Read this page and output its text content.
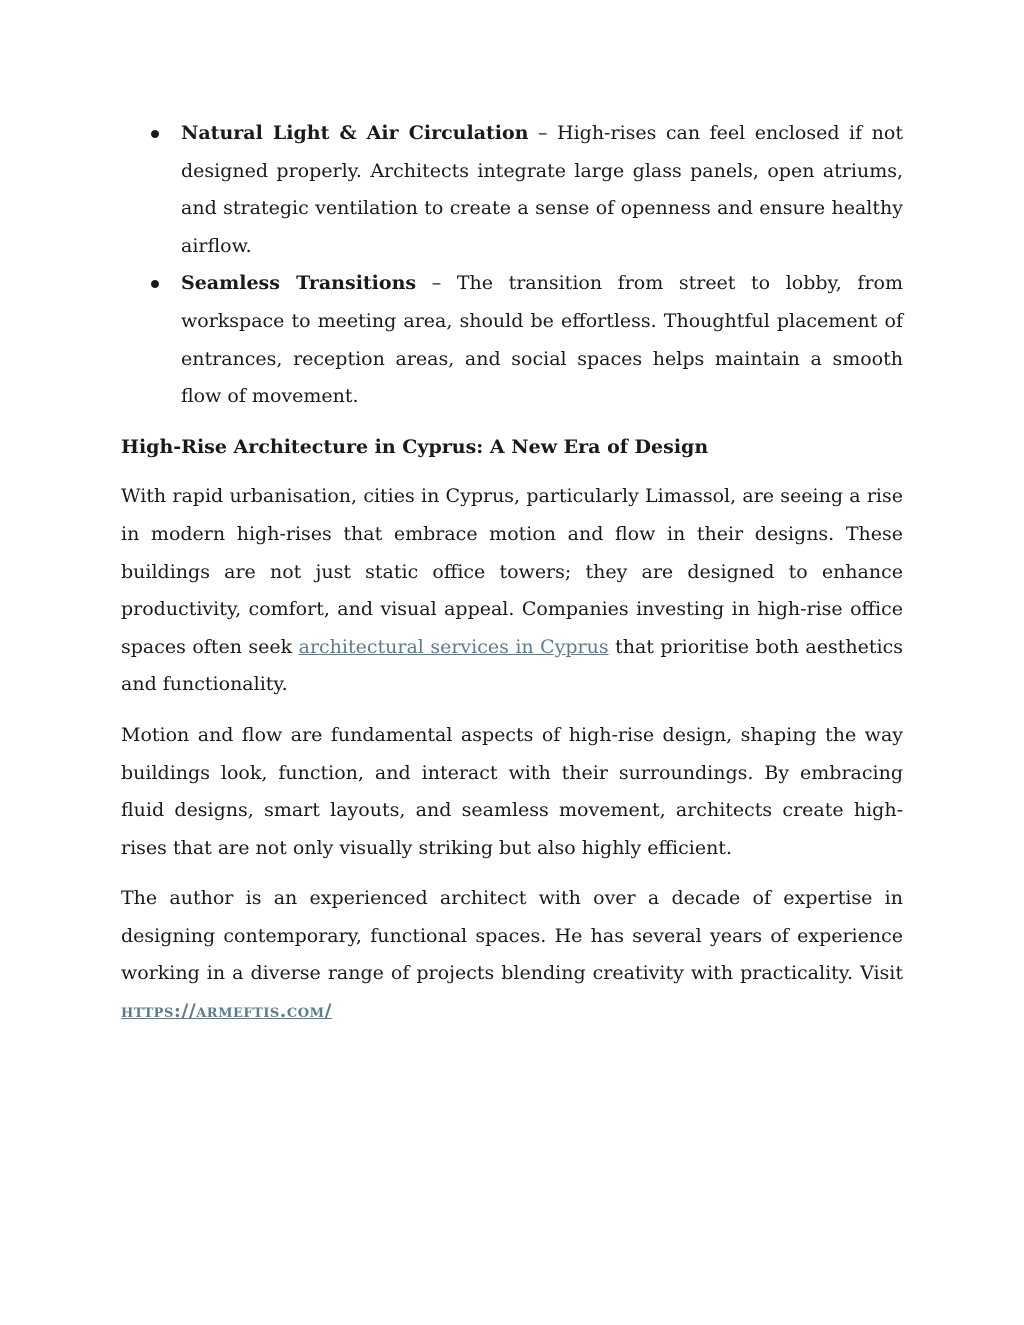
Natural Light & Air Circulation – High-rises can feel enclosed if not designed properly. Architects integrate large glass panels, open atriums, and strategic ventilation to create a sense of openness and ensure healthy airflow.
Seamless Transitions – The transition from street to lobby, from workspace to meeting area, should be effortless. Thoughtful placement of entrances, reception areas, and social spaces helps maintain a smooth flow of movement.
High-Rise Architecture in Cyprus: A New Era of Design

With rapid urbanisation, cities in Cyprus, particularly Limassol, are seeing a rise in modern high-rises that embrace motion and flow in their designs. These buildings are not just static office towers; they are designed to enhance productivity, comfort, and visual appeal. Companies investing in high-rise office spaces often seek architectural services in Cyprus that prioritise both aesthetics and functionality.

Motion and flow are fundamental aspects of high-rise design, shaping the way buildings look, function, and interact with their surroundings. By embracing fluid designs, smart layouts, and seamless movement, architects create high-rises that are not only visually striking but also highly efficient.

The author is an experienced architect with over a decade of expertise in designing contemporary, functional spaces. He has several years of experience working in a diverse range of projects blending creativity with practicality. Visit https://armeftis.com/
